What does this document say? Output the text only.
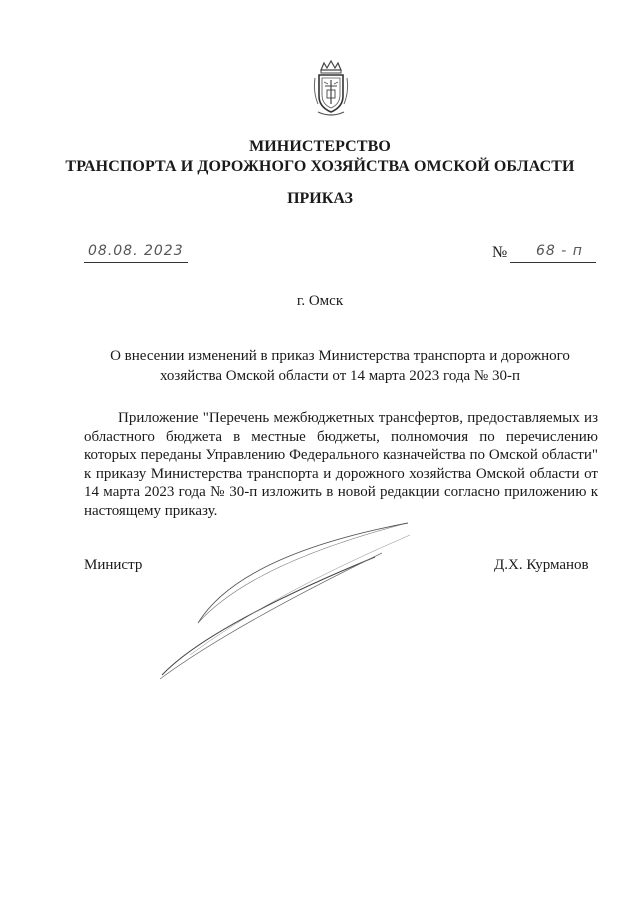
МИНИСТЕРСТВО
ТРАНСПОРТА И ДОРОЖНОГО ХОЗЯЙСТВА ОМСКОЙ ОБЛАСТИ
ПРИКАЗ
08.08. 2023	№ 68 - п
г. Омск
О внесении изменений в приказ Министерства транспорта и дорожного хозяйства Омской области от 14 марта 2023 года № 30-п
Приложение "Перечень межбюджетных трансфертов, предоставляемых из областного бюджета в местные бюджеты, полномочия по перечислению которых переданы Управлению Федерального казначейства по Омской области" к приказу Министерства транспорта и дорожного хозяйства Омской области от 14 марта 2023 года № 30-п изложить в новой редакции согласно приложению к настоящему приказу.
Министр	Д.Х. Курманов
